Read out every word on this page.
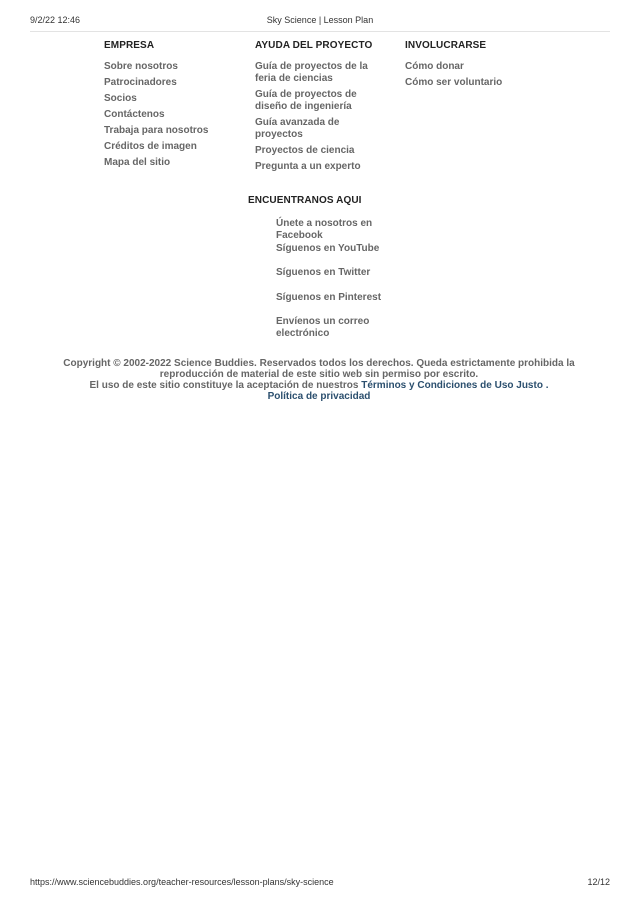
9/2/22 12:46	Sky Science | Lesson Plan
EMPRESA
Sobre nosotros
Patrocinadores
Socios
Contáctenos
Trabaja para nosotros
Créditos de imagen
Mapa del sitio
AYUDA DEL PROYECTO
Guía de proyectos de la feria de ciencias
Guía de proyectos de diseño de ingeniería
Guía avanzada de proyectos
Proyectos de ciencia
Pregunta a un experto
INVOLUCRARSE
Cómo donar
Cómo ser voluntario
ENCUENTRANOS AQUI
Únete a nosotros en Facebook
Síguenos en YouTube
Síguenos en Twitter
Síguenos en Pinterest
Envíenos un correo electrónico
Copyright © 2002-2022 Science Buddies. Reservados todos los derechos. Queda estrictamente prohibida la reproducción de material de este sitio web sin permiso por escrito.
El uso de este sitio constituye la aceptación de nuestros Términos y Condiciones de Uso Justo .
Política de privacidad
https://www.sciencebuddies.org/teacher-resources/lesson-plans/sky-science	12/12
